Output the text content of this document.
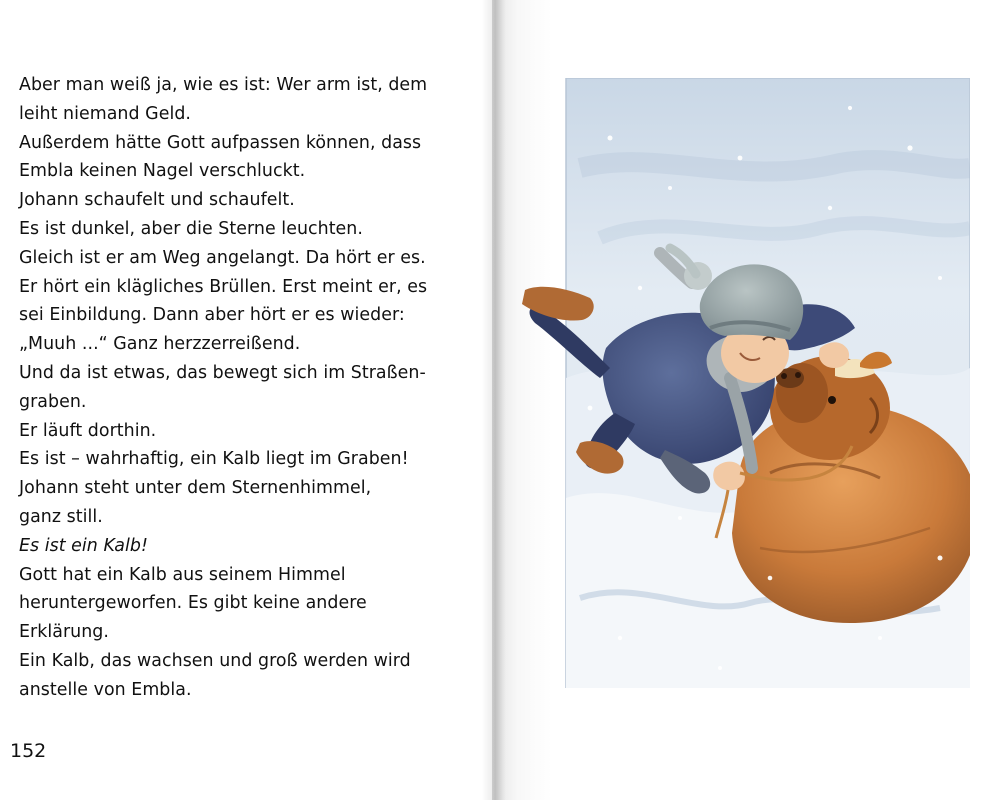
Aber man weiß ja, wie es ist: Wer arm ist, dem
leiht niemand Geld.
Außerdem hätte Gott aufpassen können, dass
Embla keinen Nagel verschluckt.
Johann schaufelt und schaufelt.
Es ist dunkel, aber die Sterne leuchten.
Gleich ist er am Weg angelangt. Da hört er es.
Er hört ein klägliches Brüllen. Erst meint er, es
sei Einbildung. Dann aber hört er es wieder:
„Muuh ...“ Ganz herzzerreißend.
Und da ist etwas, das bewegt sich im Straßen-
graben.
Er läuft dorthin.
Es ist – wahrhaftig, ein Kalb liegt im Graben!
Johann steht unter dem Sternenhimmel,
ganz still.
Es ist ein Kalb!
Gott hat ein Kalb aus seinem Himmel
heruntergeworfen. Es gibt keine andere
Erklärung.
Ein Kalb, das wachsen und groß werden wird
anstelle von Embla.
152
